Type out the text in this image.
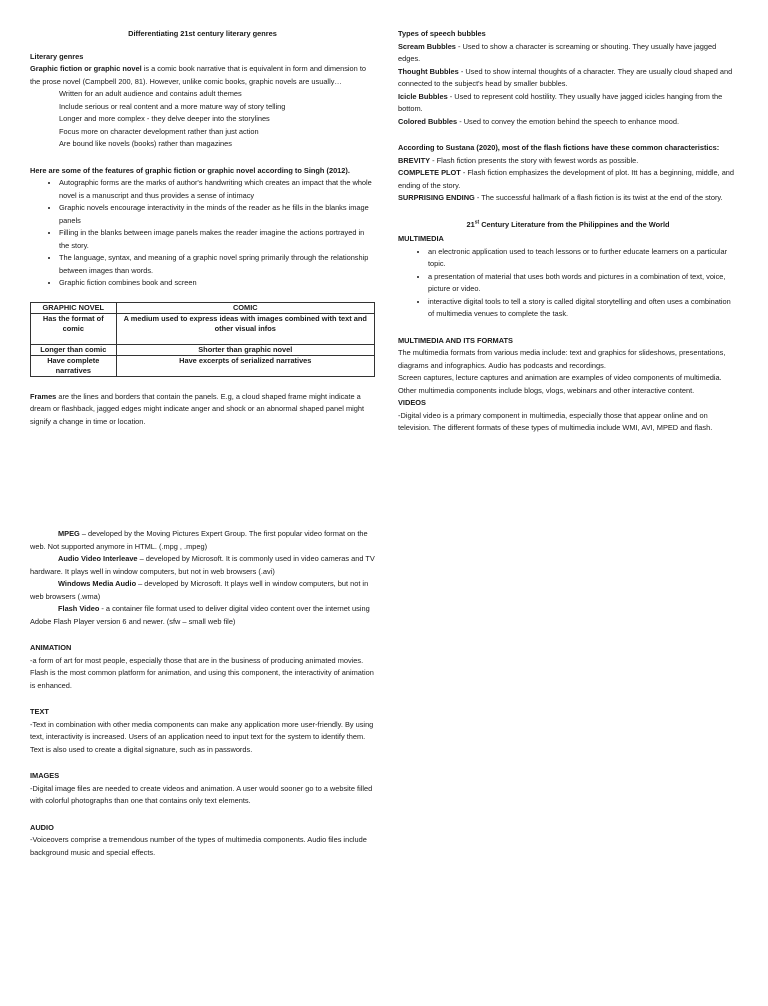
Differentiating 21st century literary genres

Literary genres

Graphic fiction or graphic novel is a comic book narrative that is equivalent in form and dimension to the prose novel (Campbell 200, 81). However, unlike comic books, graphic novels are usually…

Written for an adult audience and contains adult themes
Include serious or real content and a more mature way of story telling
Longer and more complex - they delve deeper into the storylines
Focus more on character development rather than just action
Are bound like novels (books) rather than magazines

Here are some of the features of graphic fiction or graphic novel according to Singh (2012).

• Autographic forms are the marks of author's handwriting which creates an impact that the whole novel is a manuscript and thus provides a sense of intimacy
• Graphic novels encourage interactivity in the minds of the reader as he fills in the blanks image panels
• Filling in the blanks between image panels makes the reader imagine the actions portrayed in the story.
• The language, syntax, and meaning of a graphic novel spring primarily through the relationship between images than words.
• Graphic fiction combines book and screen
GRAPHIC NOVEL	COMIC
Has the format of comic	A medium used to express ideas with images combined with text and other visual infos
Longer than comic	Shorter than graphic novel
Have complete narratives	Have excerpts of serialized narratives

Frames are the lines and borders that contain the panels. E.g, a cloud shaped frame might indicate a dream or flashback, jagged edges might indicate anger and shock or an abnormal shaped panel might signify a change in time or location.

Types of speech bubbles

Scream Bubbles - Used to show a character is screaming or shouting. They usually have jagged edges.

Thought Bubbles - Used to show internal thoughts of a character. They are usually cloud shaped and connected to the subject's head by smaller bubbles.

Icicle Bubbles - Used to represent cold hostility. They usually have jagged icicles hanging from the bottom.

Colored Bubbles - Used to convey the emotion behind the speech to enhance mood.

According to Sustana (2020), most of the flash fictions have these common characteristics:

BREVITY - Flash fiction presents the story with fewest words as possible.

COMPLETE PLOT - Flash fiction emphasizes the development of plot. Itt has a beginning, middle, and ending of the story.

SURPRISING ENDING - The successful hallmark of a flash fiction is its twist at the end of the story.

21st Century Literature from the Philippines and the World

MULTIMEDIA

• an electronic application used to teach lessons or to further educate learners on a particular topic.
• a presentation of material that uses both words and pictures in a combination of text, voice, picture or video.
• interactive digital tools to tell a story is called digital storytelling and often uses a combination of multimedia venues to complete the task.

MULTIMEDIA AND ITS FORMATS

The multimedia formats from various media include: text and graphics for slideshows, presentations, diagrams and infographics. Audio has podcasts and recordings.

Screen captures, lecture captures and animation are examples of video components of multimedia. Other multimedia components include blogs, vlogs, webinars and other interactive content.

VIDEOS

-Digital video is a primary component in multimedia, especially those that appear online and on television. The different formats of these types of multimedia include WMI, AVI, MPED and flash.

MPEG – developed by the Moving Pictures Expert Group. The first popular video format on the web. Not supported anymore in HTML. (.mpg , .mpeg)

Audio Video Interleave – developed by Microsoft. It is commonly used in video cameras and TV hardware. It plays well in window computers, but not in web browsers (.avi)

Windows Media Audio – developed by Microsoft. It plays well in window computers, but not in web browsers (.wma)

Flash Video - a container file format used to deliver digital video content over the internet using Adobe Flash Player version 6 and newer. (sfw – small web file)

ANIMATION

-a form of art for most people, especially those that are in the business of producing animated movies. Flash is the most common platform for animation, and using this component, the interactivity of animation is enhanced.

TEXT

-Text in combination with other media components can make any application more user-friendly. By using text, interactivity is increased. Users of an application need to input text for the system to identify them. Text is also used to create a digital signature, such as in passwords.

IMAGES

-Digital image files are needed to create videos and animation. A user would sooner go to a website filled with colorful photographs than one that contains only text elements.

AUDIO

-Voiceovers comprise a tremendous number of the types of multimedia components. Audio files include background music and special effects.
